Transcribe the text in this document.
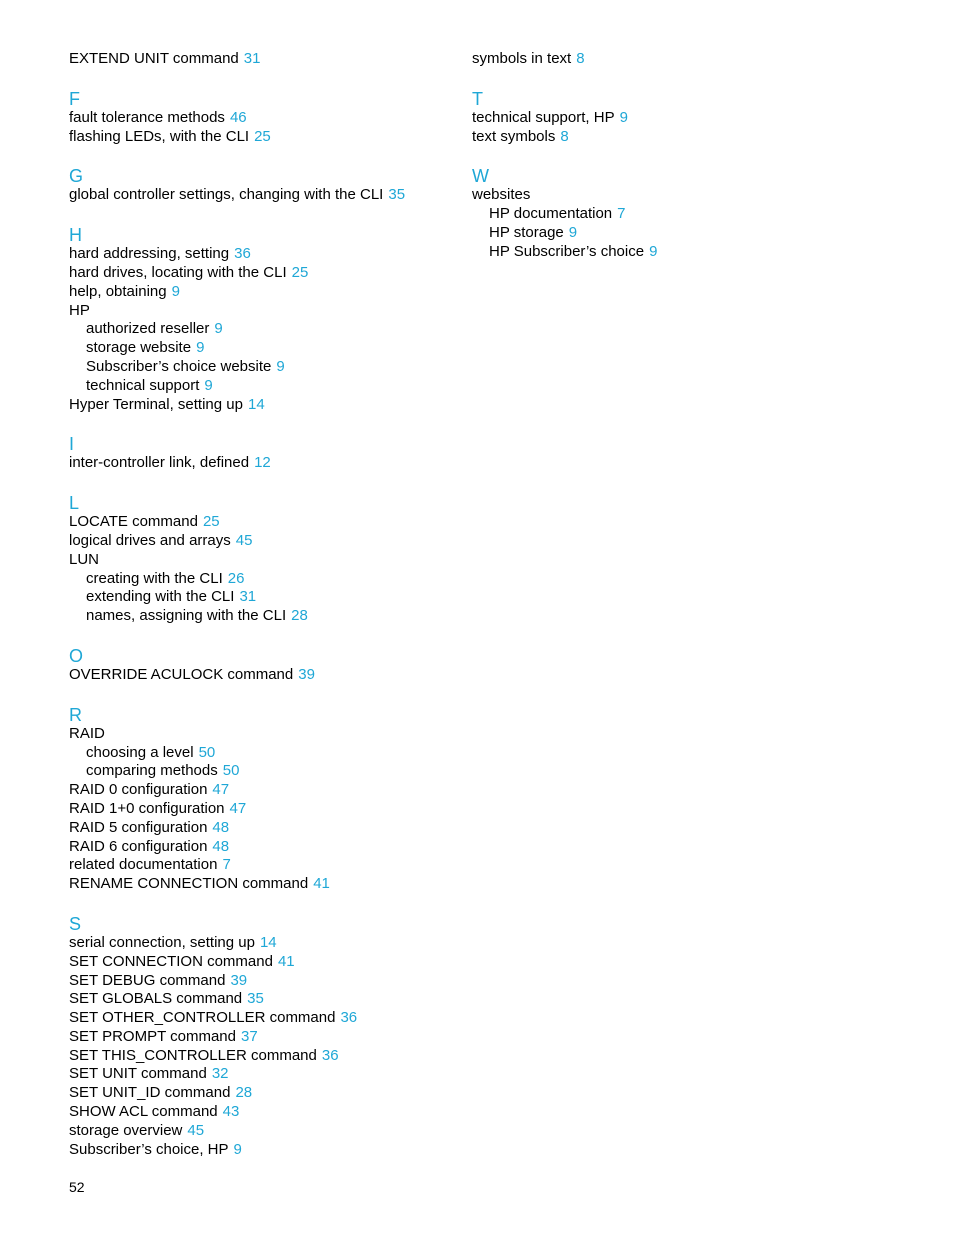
EXTEND UNIT command 31
F
fault tolerance methods 46
flashing LEDs, with the CLI 25
G
global controller settings, changing with the CLI 35
H
hard addressing, setting 36
hard drives, locating with the CLI 25
help, obtaining 9
HP
authorized reseller 9
storage website 9
Subscriber’s choice website 9
technical support 9
Hyper Terminal, setting up 14
I
inter-controller link, defined 12
L
LOCATE command 25
logical drives and arrays 45
LUN
creating with the CLI 26
extending with the CLI 31
names, assigning with the CLI 28
O
OVERRIDE ACULOCK command 39
R
RAID
choosing a level 50
comparing methods 50
RAID 0 configuration 47
RAID 1+0 configuration 47
RAID 5 configuration 48
RAID 6 configuration 48
related documentation 7
RENAME CONNECTION command 41
S
serial connection, setting up 14
SET CONNECTION command 41
SET DEBUG command 39
SET GLOBALS command 35
SET OTHER_CONTROLLER command 36
SET PROMPT command 37
SET THIS_CONTROLLER command 36
SET UNIT command 32
SET UNIT_ID command 28
SHOW ACL command 43
storage overview 45
Subscriber’s choice, HP 9
symbols in text 8
T
technical support, HP 9
text symbols 8
W
websites
HP documentation 7
HP storage 9
HP Subscriber’s choice 9
52
